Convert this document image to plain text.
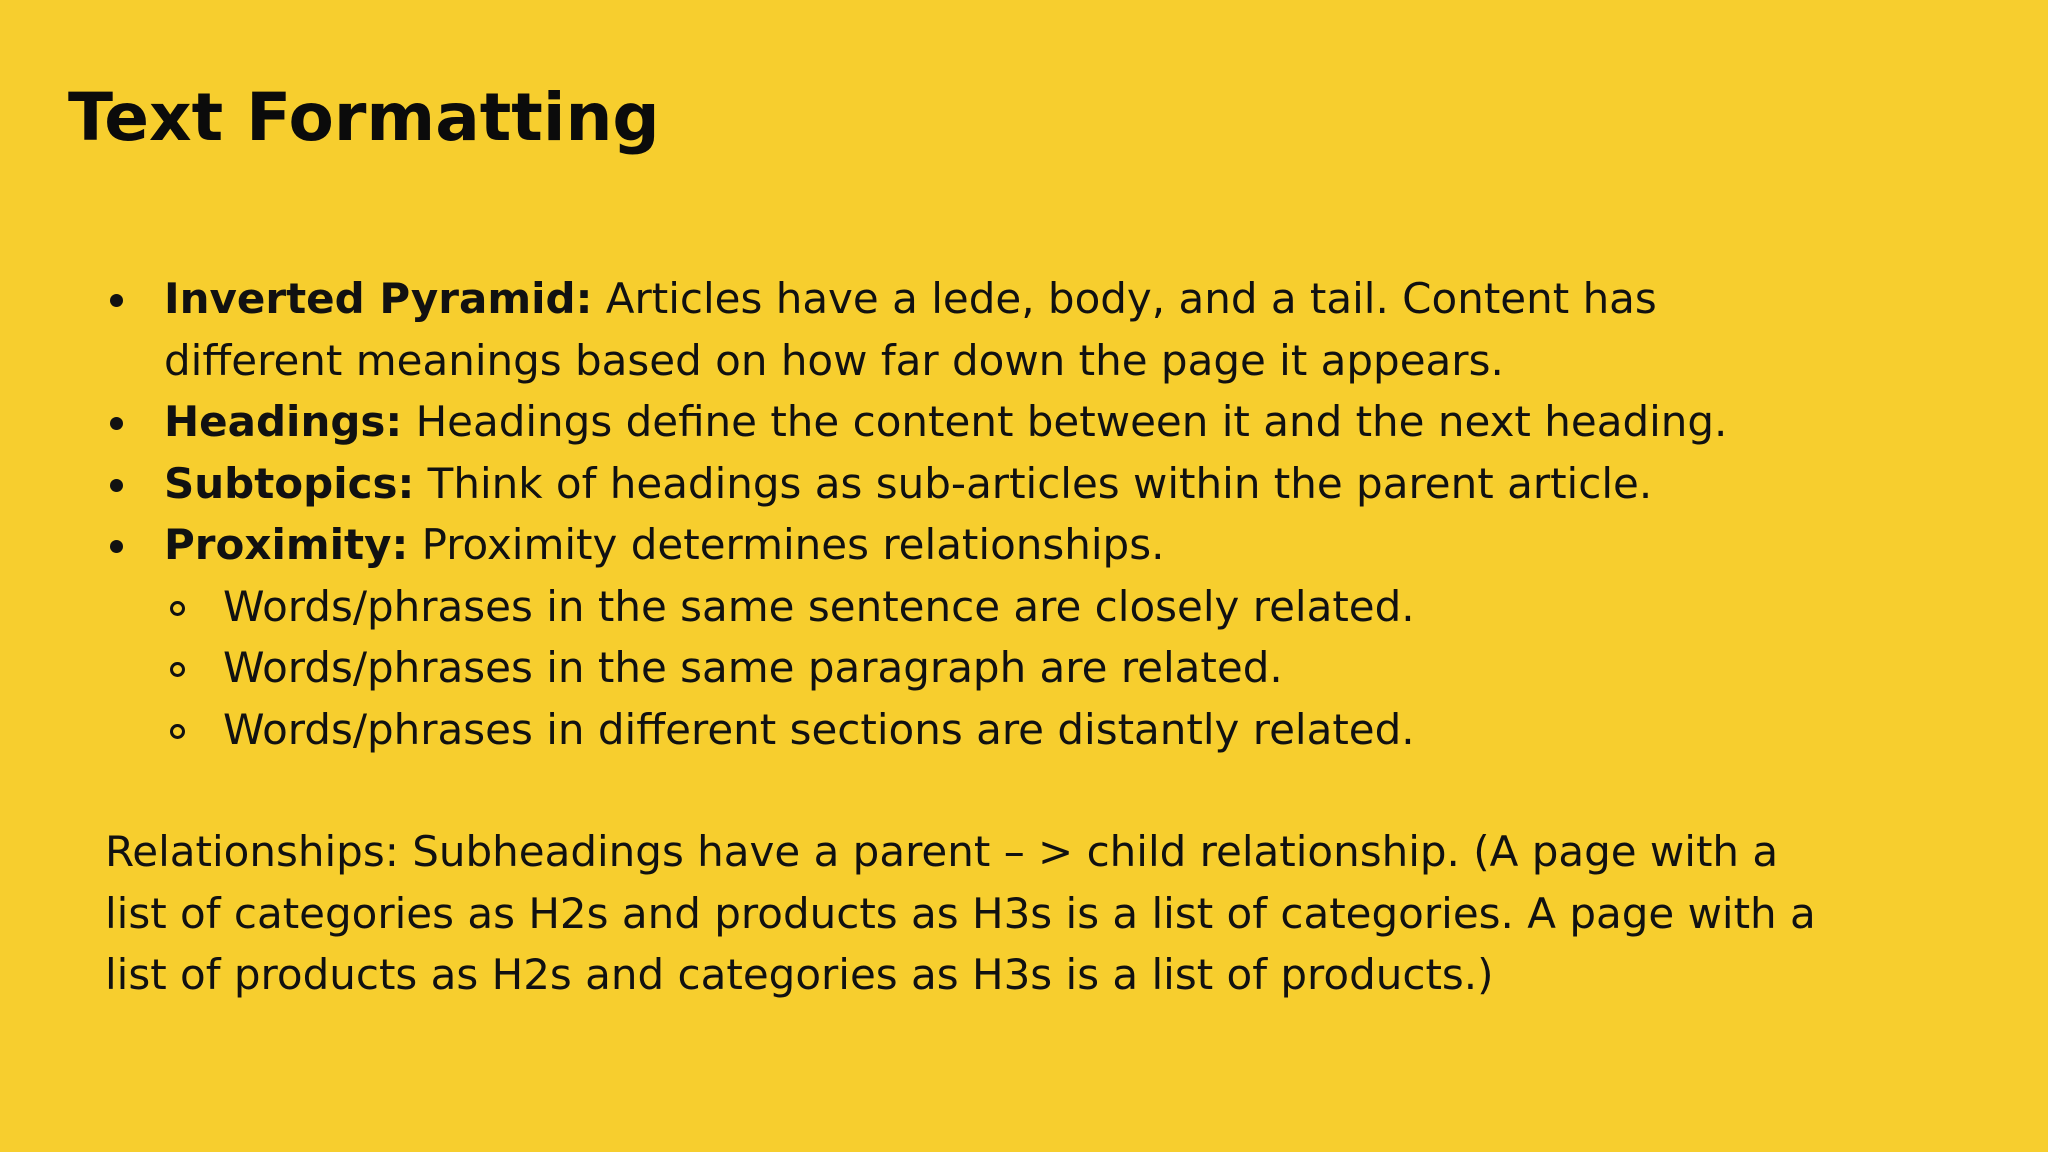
Text Formatting
Inverted Pyramid: Articles have a lede, body, and a tail. Content has different meanings based on how far down the page it appears.
Headings: Headings define the content between it and the next heading.
Subtopics: Think of headings as sub-articles within the parent article.
Proximity: Proximity determines relationships.
Words/phrases in the same sentence are closely related.
Words/phrases in the same paragraph are related.
Words/phrases in different sections are distantly related.

Relationships: Subheadings have a parent – > child relationship. (A page with a list of categories as H2s and products as H3s is a list of categories. A page with a list of products as H2s and categories as H3s is a list of products.)
